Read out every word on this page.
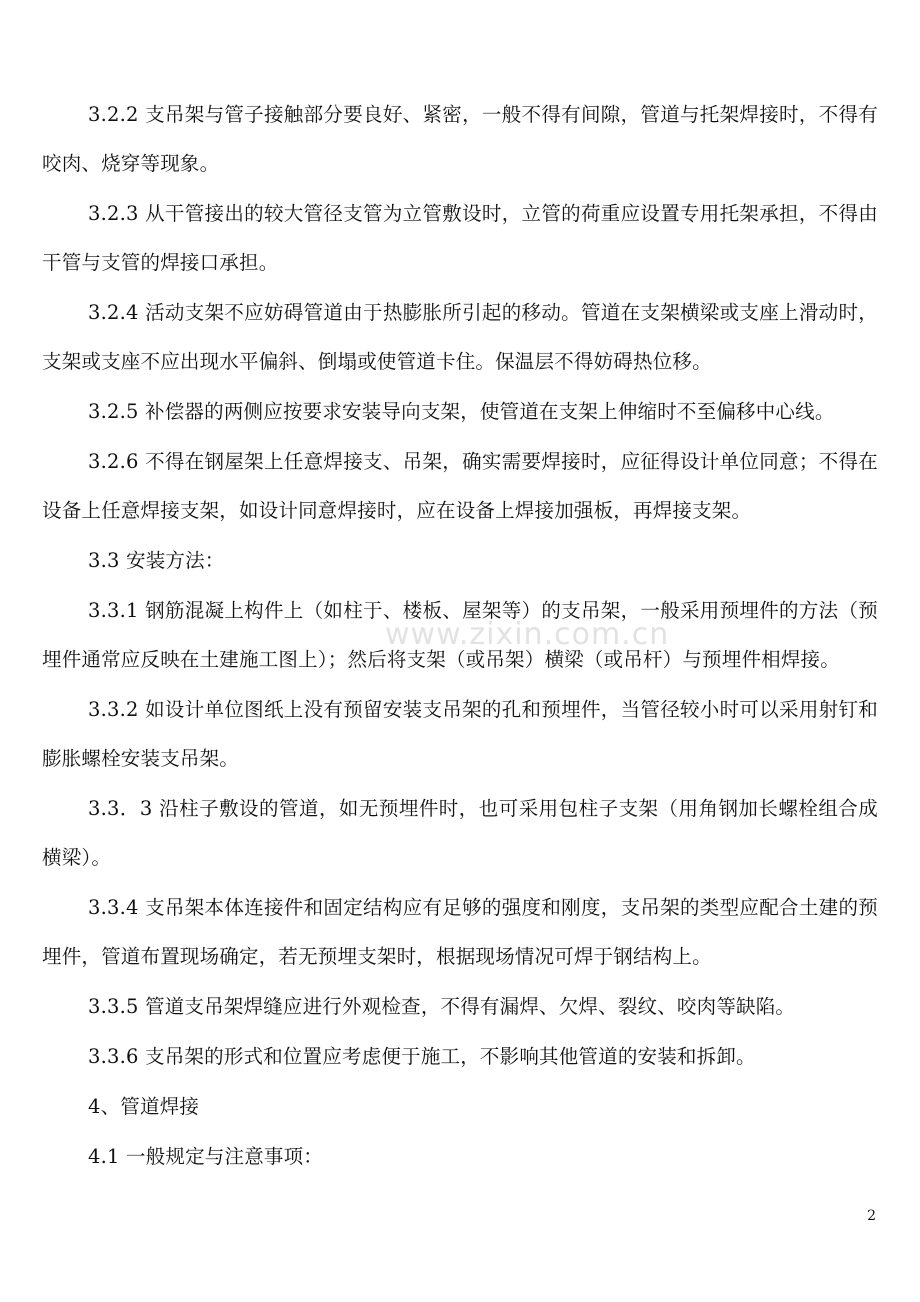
3.2.2 支吊架与管子接触部分要良好、紧密，一般不得有间隙，管道与托架焊接时，不得有咬肉、烧穿等现象。

3.2.3 从干管接出的较大管径支管为立管敷设时，立管的荷重应设置专用托架承担，不得由干管与支管的焊接口承担。

3.2.4 活动支架不应妨碍管道由于热膨胀所引起的移动。管道在支架横梁或支座上滑动时，支架或支座不应出现水平偏斜、倒塌或使管道卡住。保温层不得妨碍热位移。

3.2.5 补偿器的两侧应按要求安装导向支架，使管道在支架上伸缩时不至偏移中心线。

3.2.6 不得在钢屋架上任意焊接支、吊架，确实需要焊接时，应征得设计单位同意；不得在设备上任意焊接支架，如设计同意焊接时，应在设备上焊接加强板，再焊接支架。

3.3 安装方法：

3.3.1 钢筋混凝上构件上（如柱于、楼板、屋架等）的支吊架，一般采用预埋件的方法（预埋件通常应反映在土建施工图上）；然后将支架（或吊架）横梁（或吊杆）与预埋件相焊接。

3.3.2 如设计单位图纸上没有预留安装支吊架的孔和预埋件，当管径较小时可以采用射钉和膨胀螺栓安装支吊架。

3.3．3 沿柱子敷设的管道，如无预埋件时，也可采用包柱子支架（用角钢加长螺栓组合成横梁）。

3.3.4 支吊架本体连接件和固定结构应有足够的强度和刚度，支吊架的类型应配合土建的预埋件，管道布置现场确定，若无预埋支架时，根据现场情况可焊于钢结构上。

3.3.5 管道支吊架焊缝应进行外观检查，不得有漏焊、欠焊、裂纹、咬肉等缺陷。

3.3.6 支吊架的形式和位置应考虑便于施工，不影响其他管道的安装和拆卸。

4、管道焊接

4.1 一般规定与注意事项：

www.zixin.com.cn
2
